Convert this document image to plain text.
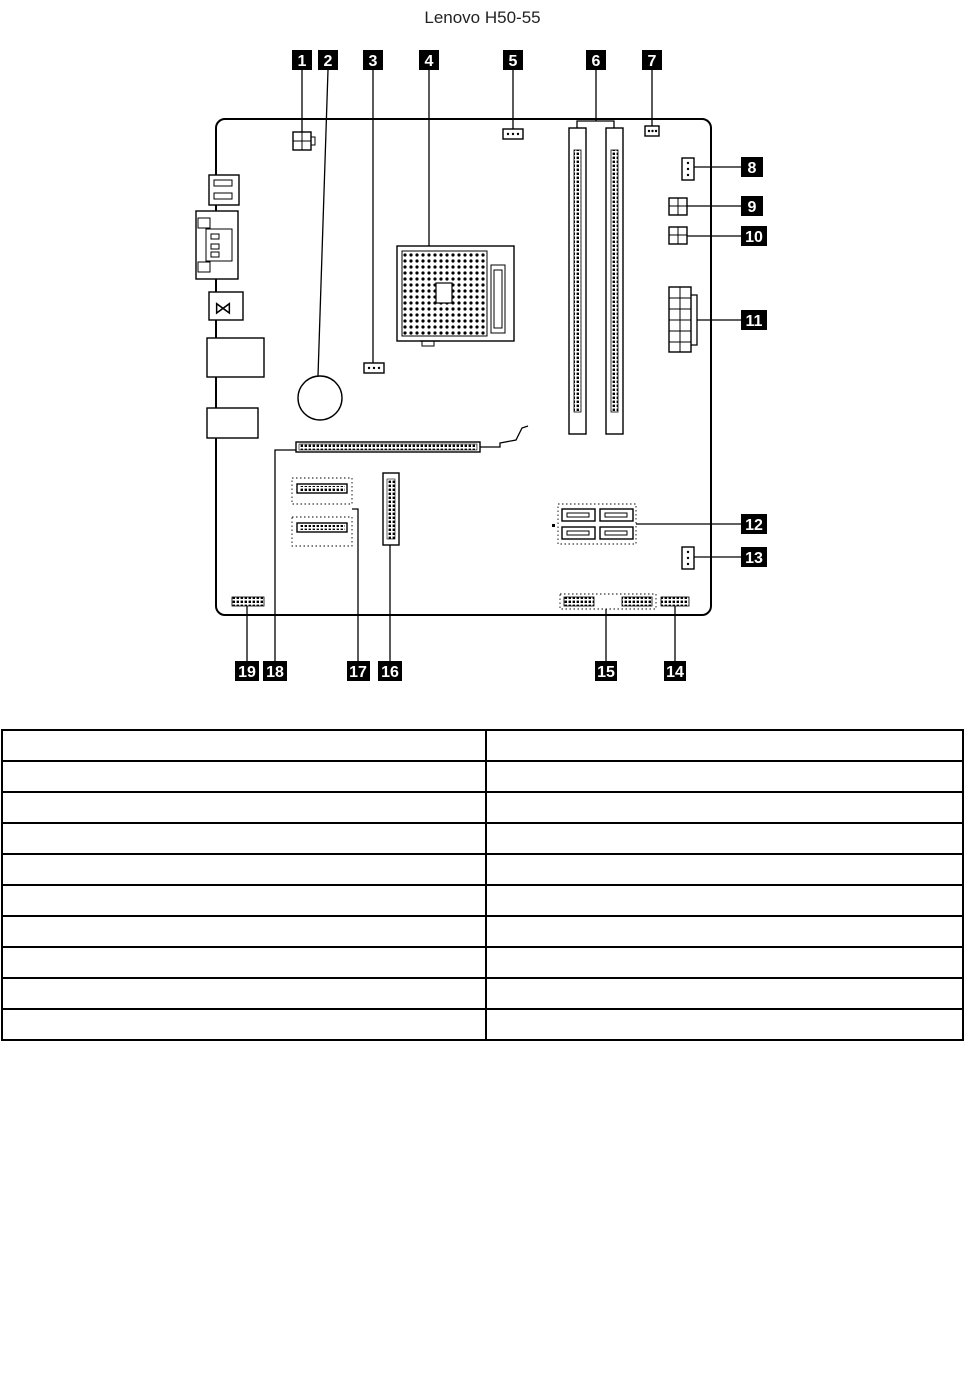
Lenovo H50-55
⋈
1 2 3	4	5	6	7
8
9
10
11
12
13
14
15
16
17
18
19
